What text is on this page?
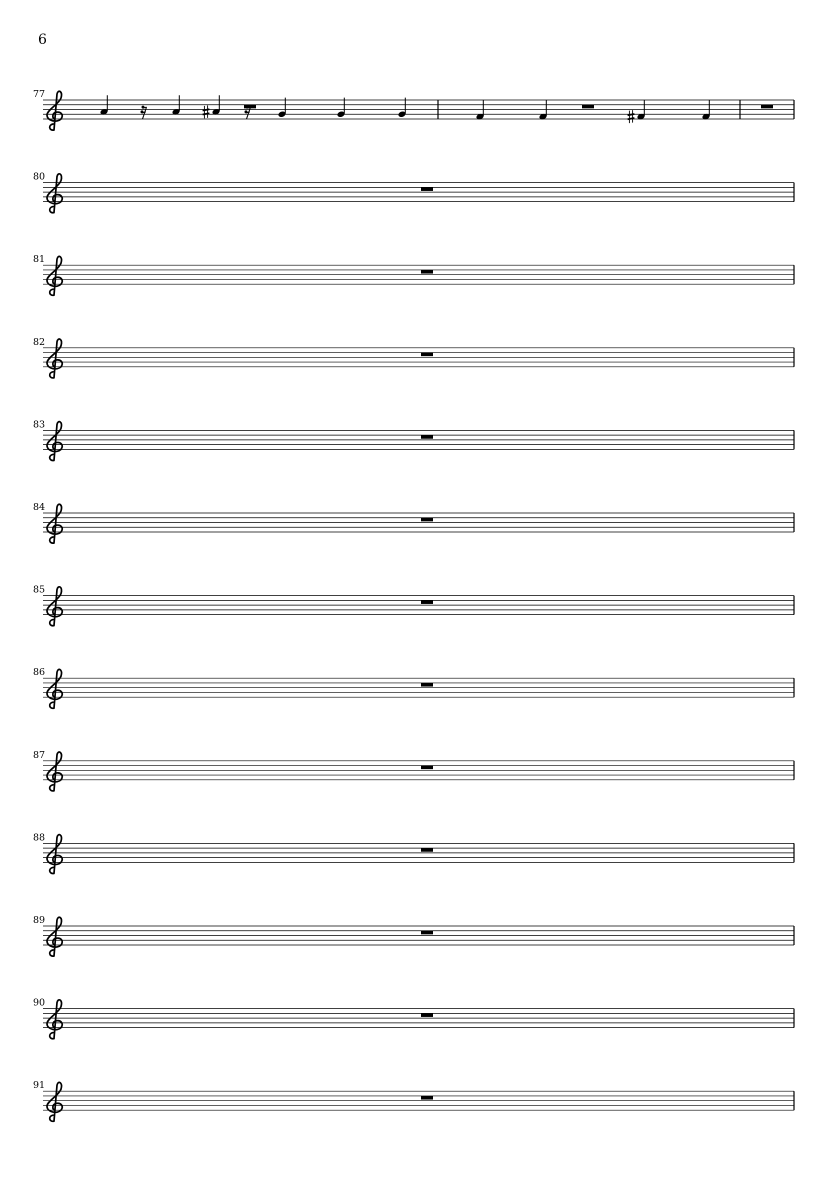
6
77
80
81
82
83
84
85
86
87
88
89
90
91
